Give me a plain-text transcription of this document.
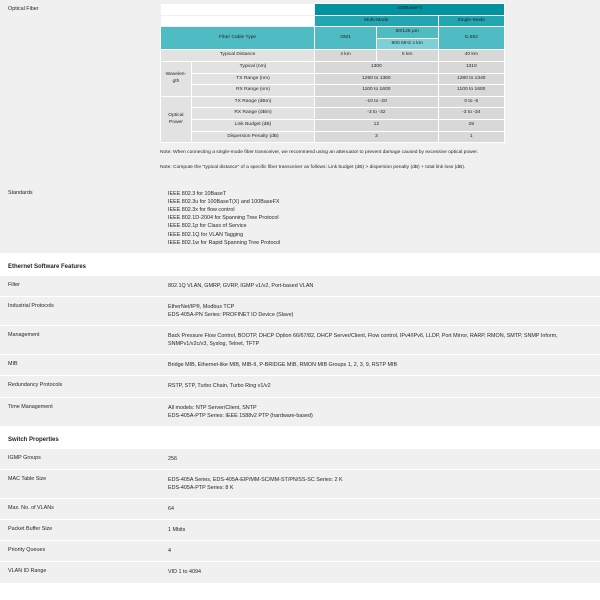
Optical Fiber
		100BaseFX		
		Multi-Mode		Single-Mode
Fiber Cable Type		OM1	50/125 µm	G.652
			800 MHz x km	
Typical Distance		4 km	5 km	40 km
Wavelen-gth	Typical (nm)	1300		1310
	TX Range (nm)	1260 to 1360		1280 to 1340
	RX Range (nm)	1100 to 1600		1100 to 1600
Optical Power	TX Range (dBm)	-10 to -20		0 to -5
	RX Range (dBm)	-3 to -32		-3 to -34
	Link Budget (dB)	12		29
	Dispersion Penalty (dB)	3		1
Note: When connecting a single-mode fiber transceiver, we recommend using an attenuator to prevent damage caused by excessive optical power.
Note: Compute the "typical distance" of a specific fiber transceiver as follows: Link budget (dB) > dispersion penalty (dB) + total link loss (dB).
Standards	IEEE 802.3 for 10BaseT
IEEE 802.3u for 100BaseT(X) and 100BaseFX
IEEE 802.3x for flow control
IEEE 802.1D-2004 for Spanning Tree Protocol
IEEE 802.1p for Class of Service
IEEE 802.1Q for VLAN Tagging
IEEE 802.1w for Rapid Spanning Tree Protocol
Ethernet Software Features
Filter	802.1Q VLAN, GMRP, GVRP, IGMP v1/v2, Port-based VLAN
Industrial Protocols	EtherNet/IP®, Modbus TCP
EDS-405A-PN Series: PROFINET IO Device (Slave)
Management	Back Pressure Flow Control, BOOTP, DHCP Option 66/67/82, DHCP Server/Client, Flow control, IPv4/IPv6, LLDP, Port Mirror, RARP, RMON, SMTP, SNMP Inform, SNMPv1/v2c/v3, Syslog, Telnet, TFTP
MIB	Bridge MIB, Ethernet-like MIB, MIB-II, P-BRIDGE MIB, RMON MIB Groups 1, 2, 3, 9, RSTP MIB
Redundancy Protocols	RSTP, STP, Turbo Chain, Turbo Ring v1/v2
Time Management	All models: NTP Server/Client, SNTP
EDS-405A-PTP Series: IEEE 1588v2 PTP (hardware-based)
Switch Properties
IGMP Groups	256
MAC Table Size	EDS-405A Series, EDS-405A-EIP/MM-SC/MM-ST/PN/SS-SC Series: 2 K
EDS-405A-PTP Series: 8 K
Max. No. of VLANs	64
Packet Buffer Size	1 Mbits
Priority Queues	4
VLAN ID Range	VID 1 to 4094
